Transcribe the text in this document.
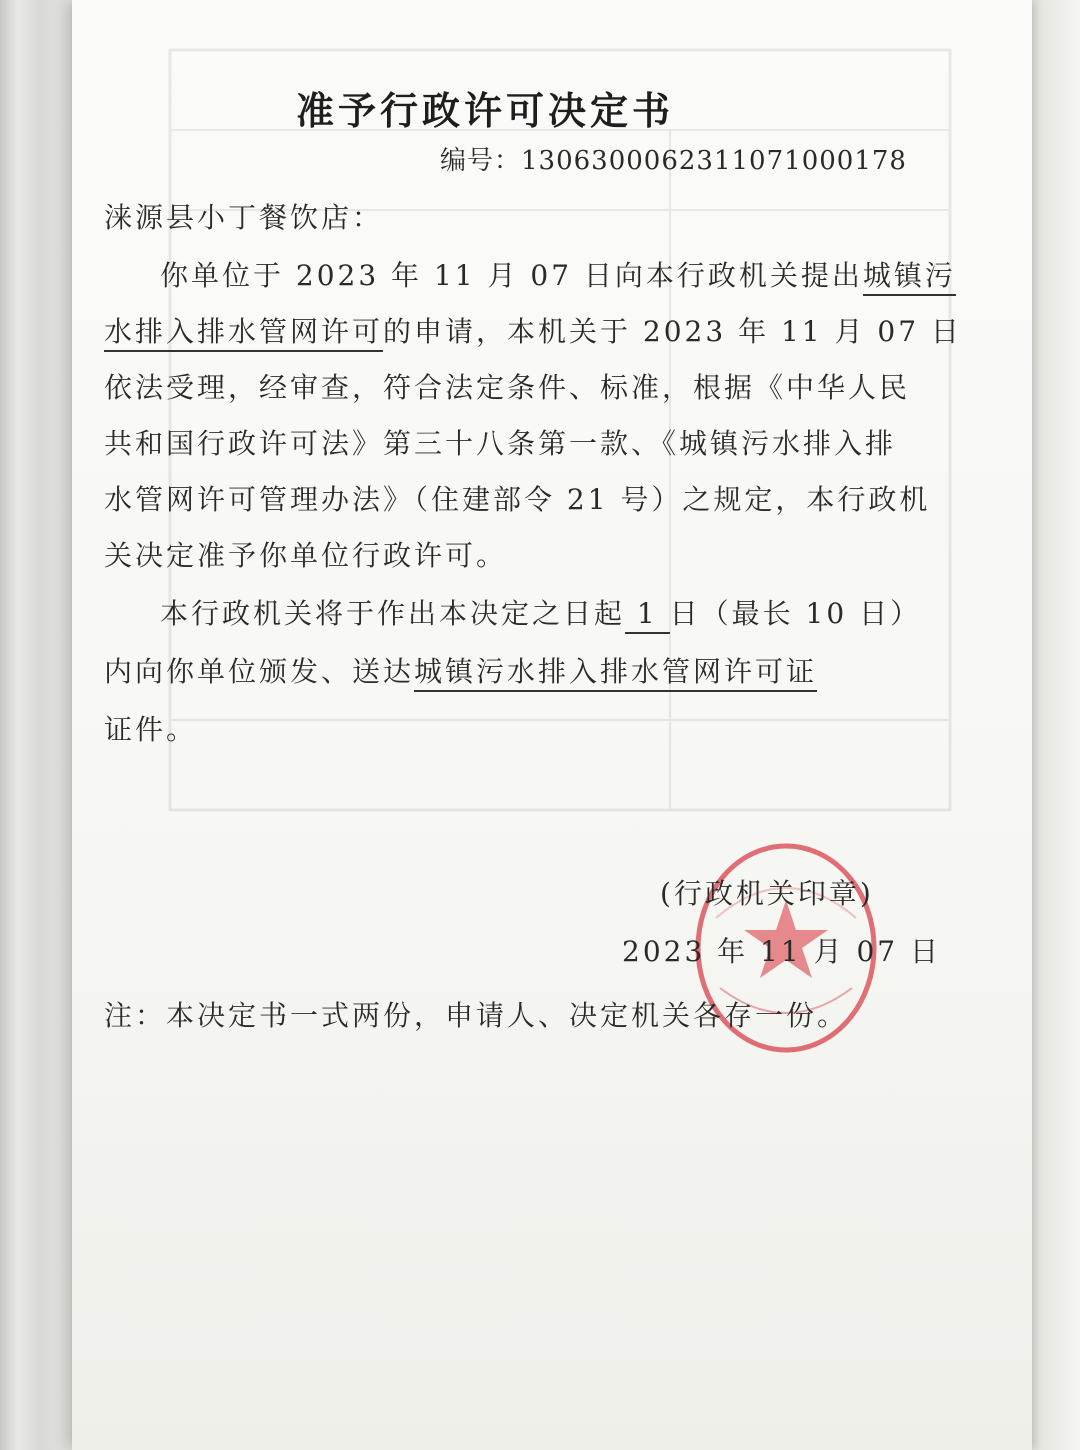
准予行政许可决定书
编号：13063000623110710001​78
涞源县小丁餐饮店：
你单位于 2023 年 11 月 07 日向本行政机关提出城镇污
水排入排水管网许可的申请，本机关于 2023 年 11 月 07 日
依法受理，经审查，符合法定条件、标准，根据《中华人民
共和国行政许可法》第三十八条第一款、《城镇污水排入排
水管网许可管理办法》（住建部令 21 号）之规定，本行政机
关决定准予你单位行政许可。
本行政机关将于作出本决定之日起 1 日（最长 10 日）
内向你单位颁发、送达城镇污水排入排水管网许可证
证件。
(行政机关印章)
2023 年 11 月 07 日
注：本决定书一式两份，申请人、决定机关各存一份。
